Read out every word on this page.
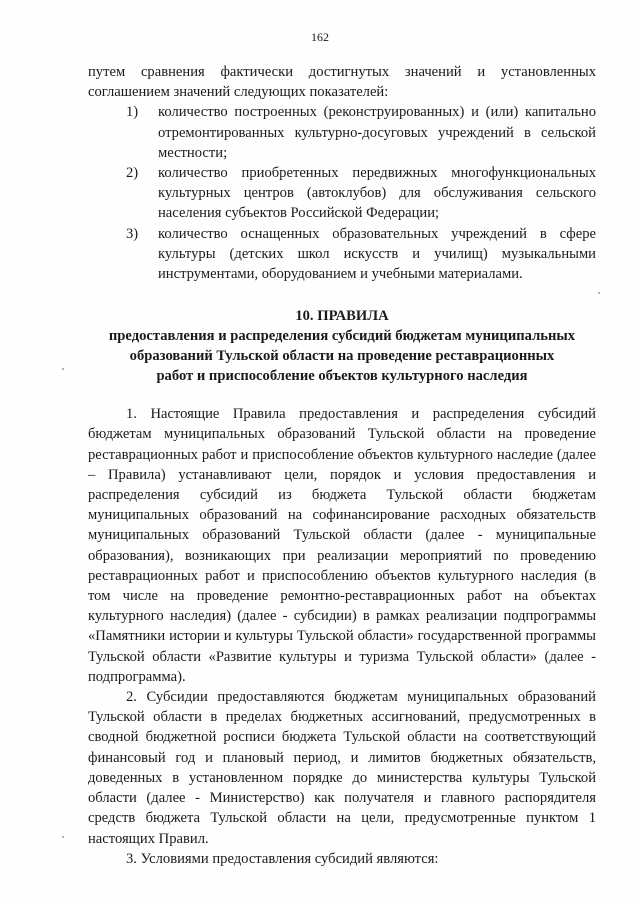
162

путем сравнения фактически достигнутых значений и установленных соглашением значений следующих показателей:

1)	количество построенных (реконструированных) и (или) капитально отремонтированных культурно-досуговых учреждений в сельской местности;
2)	количество приобретенных передвижных многофункциональных культурных центров (автоклубов) для обслуживания сельского населения субъектов Российской Федерации;
3)	количество оснащенных образовательных учреждений в сфере культуры (детских школ искусств и училищ) музыкальными инструментами, оборудованием и учебными материалами.
10. ПРАВИЛА
предоставления и распределения субсидий бюджетам муниципальных
образований Тульской области на проведение реставрационных
работ и приспособление объектов культурного наследия

1. Настоящие Правила предоставления и распределения субсидий бюджетам муниципальных образований Тульской области на проведение реставрационных работ и приспособление объектов культурного наследие (далее – Правила) устанавливают цели, порядок и условия предоставления и распределения субсидий из бюджета Тульской области бюджетам муниципальных образований на софинансирование расходных обязательств муниципальных образований Тульской области (далее - муниципальные образования), возникающих при реализации мероприятий по проведению реставрационных работ и приспособлению объектов культурного наследия (в том числе на проведение ремонтно-реставрационных работ на объектах культурного наследия) (далее - субсидии) в рамках реализации подпрограммы «Памятники истории и культуры Тульской области» государственной программы Тульской области «Развитие культуры и туризма Тульской области» (далее - подпрограмма).

2. Субсидии предоставляются бюджетам муниципальных образований Тульской области в пределах бюджетных ассигнований, предусмотренных в сводной бюджетной росписи бюджета Тульской области на соответствующий финансовый год и плановый период, и лимитов бюджетных обязательств, доведенных в установленном порядке до министерства культуры Тульской области (далее - Министерство) как получателя и главного распорядителя средств бюджета Тульской области на цели, предусмотренные пунктом 1 настоящих Правил.

3. Условиями предоставления субсидий являются:
